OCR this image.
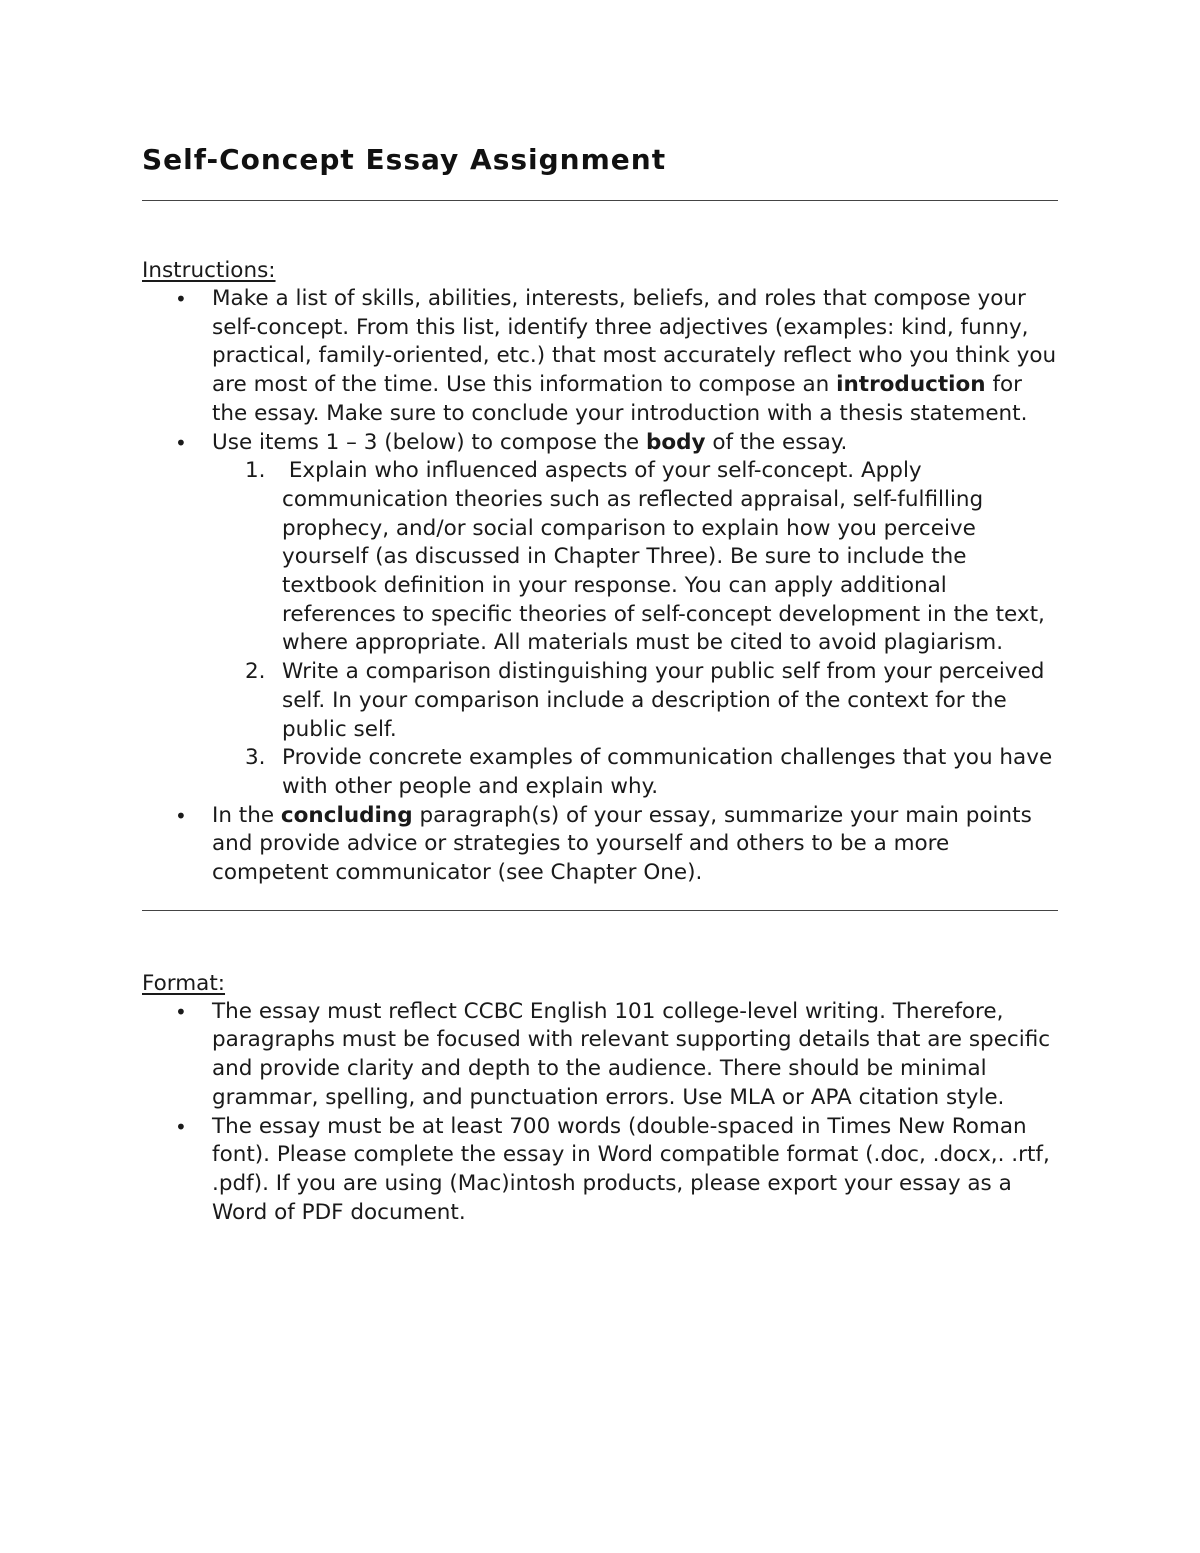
Self-Concept Essay Assignment

Instructions:

• Make a list of skills, abilities, interests, beliefs, and roles that compose your self-concept. From this list, identify three adjectives (examples: kind, funny, practical, family-oriented, etc.) that most accurately reflect who you think you are most of the time. Use this information to compose an introduction for the essay. Make sure to conclude your introduction with a thesis statement.
• Use items 1 – 3 (below) to compose the body of the essay.
1. Explain who influenced aspects of your self-concept. Apply communication theories such as reflected appraisal, self-fulfilling prophecy, and/or social comparison to explain how you perceive yourself (as discussed in Chapter Three). Be sure to include the textbook definition in your response. You can apply additional references to specific theories of self-concept development in the text, where appropriate. All materials must be cited to avoid plagiarism.
2. Write a comparison distinguishing your public self from your perceived self. In your comparison include a description of the context for the public self.
3. Provide concrete examples of communication challenges that you have with other people and explain why.
• In the concluding paragraph(s) of your essay, summarize your main points and provide advice or strategies to yourself and others to be a more competent communicator (see Chapter One).

Format:

• The essay must reflect CCBC English 101 college-level writing. Therefore, paragraphs must be focused with relevant supporting details that are specific and provide clarity and depth to the audience. There should be minimal grammar, spelling, and punctuation errors. Use MLA or APA citation style.
• The essay must be at least 700 words (double-spaced in Times New Roman font). Please complete the essay in Word compatible format (.doc, .docx,. .rtf, .pdf). If you are using (Mac)intosh products, please export your essay as a Word of PDF document.
